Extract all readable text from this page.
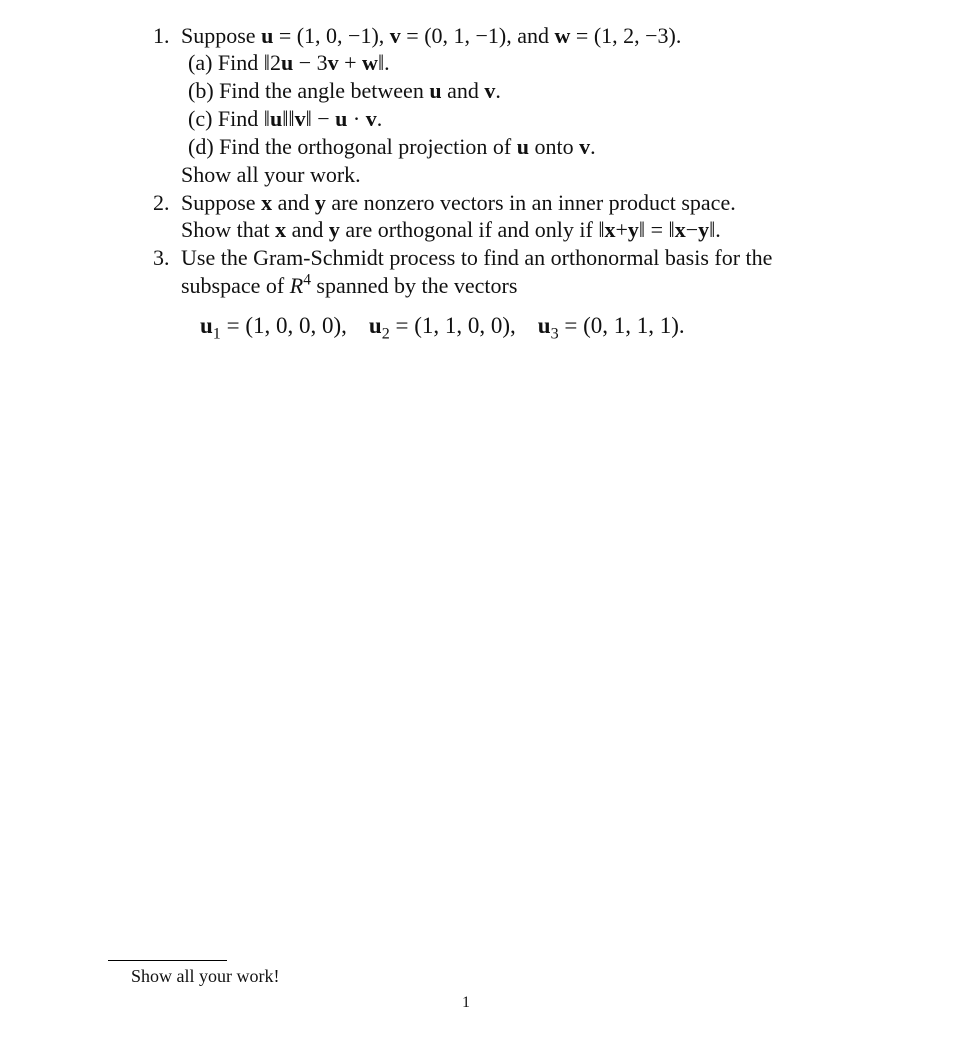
1. Suppose u = (1, 0, −1), v = (0, 1, −1), and w = (1, 2, −3).
(a) Find ‖2u − 3v + w‖.
(b) Find the angle between u and v.
(c) Find ‖u‖‖v‖ − u · v.
(d) Find the orthogonal projection of u onto v.
Show all your work.
2. Suppose x and y are nonzero vectors in an inner product space.
Show that x and y are orthogonal if and only if ‖x+y‖ = ‖x−y‖.
3. Use the Gram-Schmidt process to find an orthonormal basis for the
subspace of $R^4$ spanned by the vectors
$u_1 = (1$, 0, 0, 0), $u_2 = (1$, 1, 0, 0), $u_3 = (0$, 1, 1, 1).
Show all your work!
1
